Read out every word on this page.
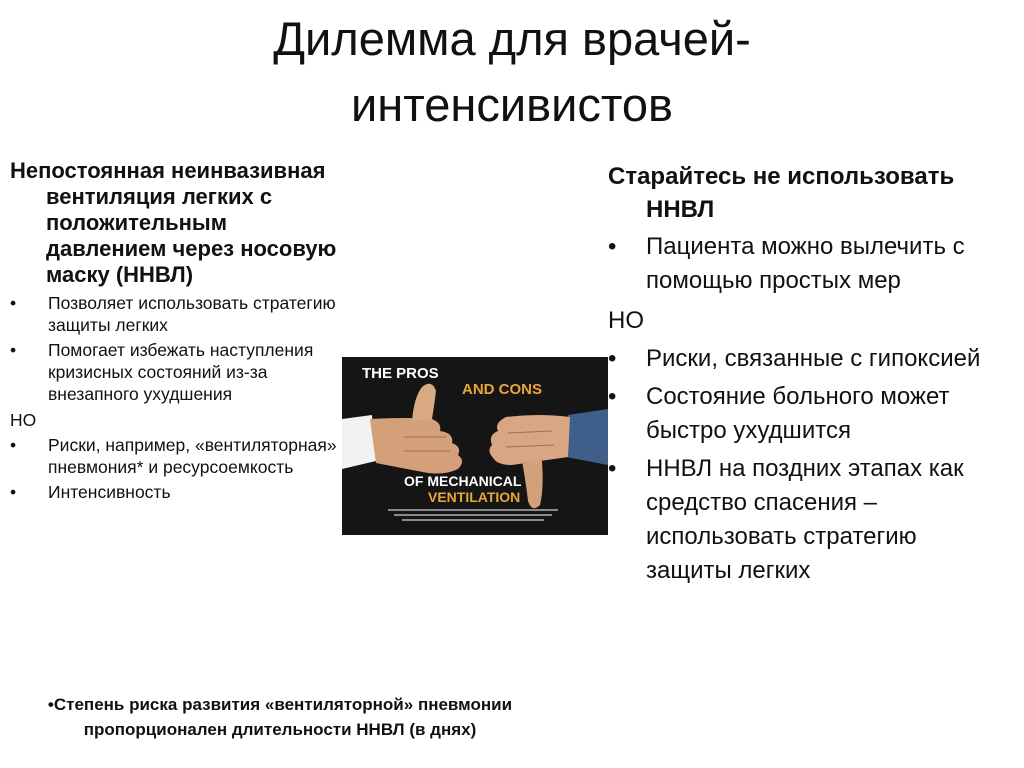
Дилемма для врачей-
интенсивистов
Непостоянная неинвазивная вентиляция легких с положительным давлением через носовую маску (ННВЛ)
• Позволяет использовать стратегию защиты легких
• Помогает избежать наступления кризисных состояний из-за внезапного ухудшения
НО
• Риски, например, «вентиляторная» пневмония* и ресурсоемкость
• Интенсивность
THE PROS
AND CONS
OF MECHANICAL
VENTILATION
Старайтесь не использовать ННВЛ
• Пациента можно вылечить с помощью простых мер
НО
• Риски, связанные с гипоксией
• Состояние больного может быстро ухудшится
• ННВЛ на поздних этапах как средство спасения – использовать стратегию защиты легких
•Степень риска развития «вентиляторной» пневмонии пропорционален длительности ННВЛ (в днях)
